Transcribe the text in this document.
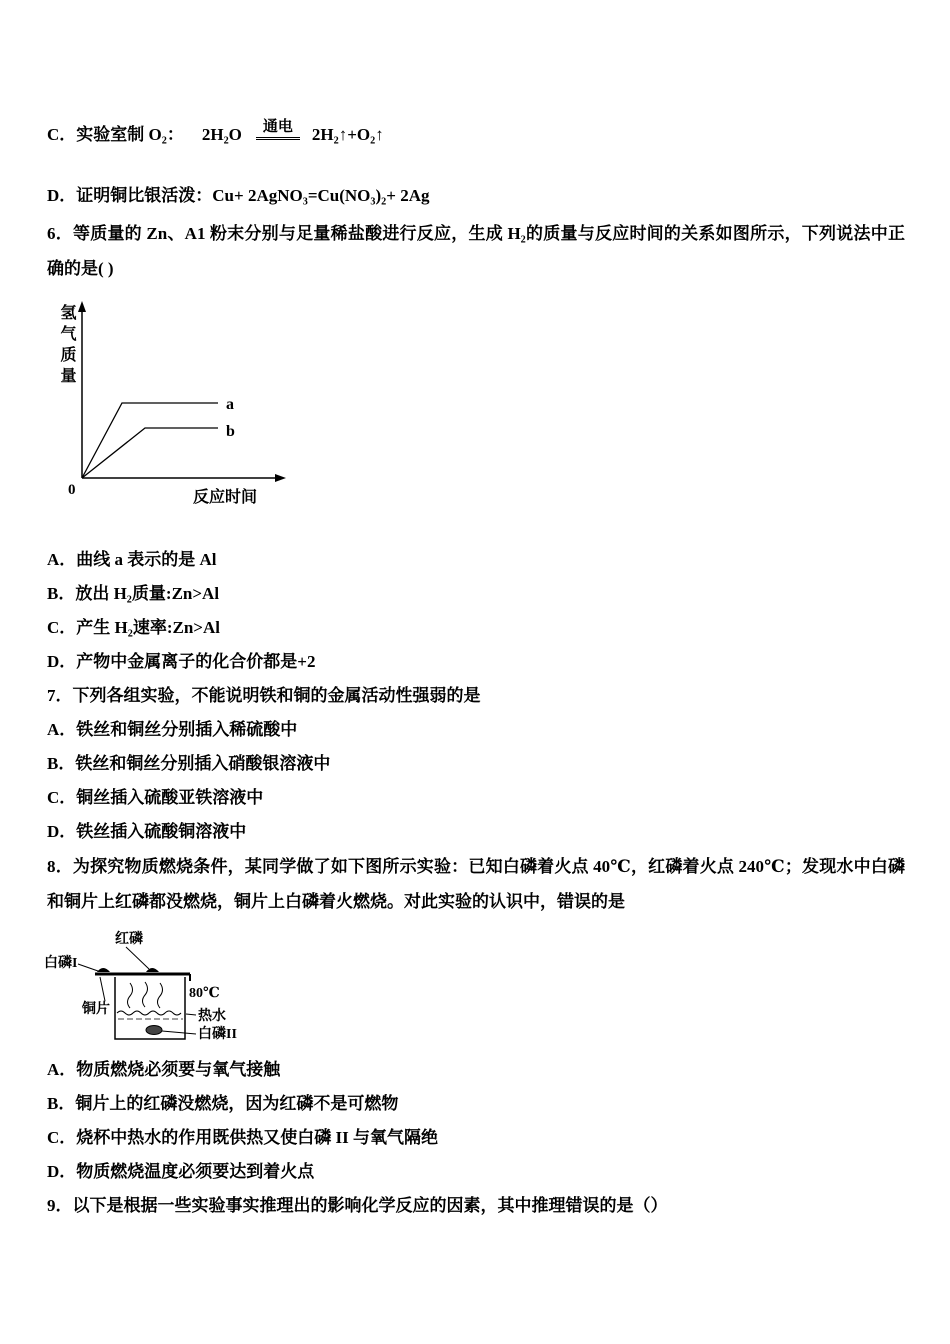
C．实验室制 O₂： 2H₂O 通电 2H₂↑+O₂↑

D．证明铜比银活泼：Cu+ 2AgNO₃=Cu(NO₃)₂+ 2Ag

6．等质量的 Zn、A1 粉末分别与足量稀盐酸进行反应，生成 H₂的质量与反应时间的关系如图所示，下列说法中正确的是( )

氢气质量
a
b
0	反应时间

A．曲线 a 表示的是 Al

B．放出 H₂质量:Zn>Al

C．产生 H₂速率:Zn>Al

D．产物中金属离子的化合价都是+2

7．下列各组实验，不能说明铁和铜的金属活动性强弱的是

A．铁丝和铜丝分别插入稀硫酸中

B．铁丝和铜丝分别插入硝酸银溶液中

C．铜丝插入硫酸亚铁溶液中

D．铁丝插入硫酸铜溶液中

8．为探究物质燃烧条件，某同学做了如下图所示实验：已知白磷着火点 40℃，红磷着火点 240℃；发现水中白磷和铜片上红磷都没燃烧，铜片上白磷着火燃烧。对此实验的认识中，错误的是

红磷
白磷I
铜片
80℃
热水
白磷II

A．物质燃烧必须要与氧气接触

B．铜片上的红磷没燃烧，因为红磷不是可燃物

C．烧杯中热水的作用既供热又使白磷 II 与氧气隔绝

D．物质燃烧温度必须要达到着火点

9．以下是根据一些实验事实推理出的影响化学反应的因素，其中推理错误的是（）
